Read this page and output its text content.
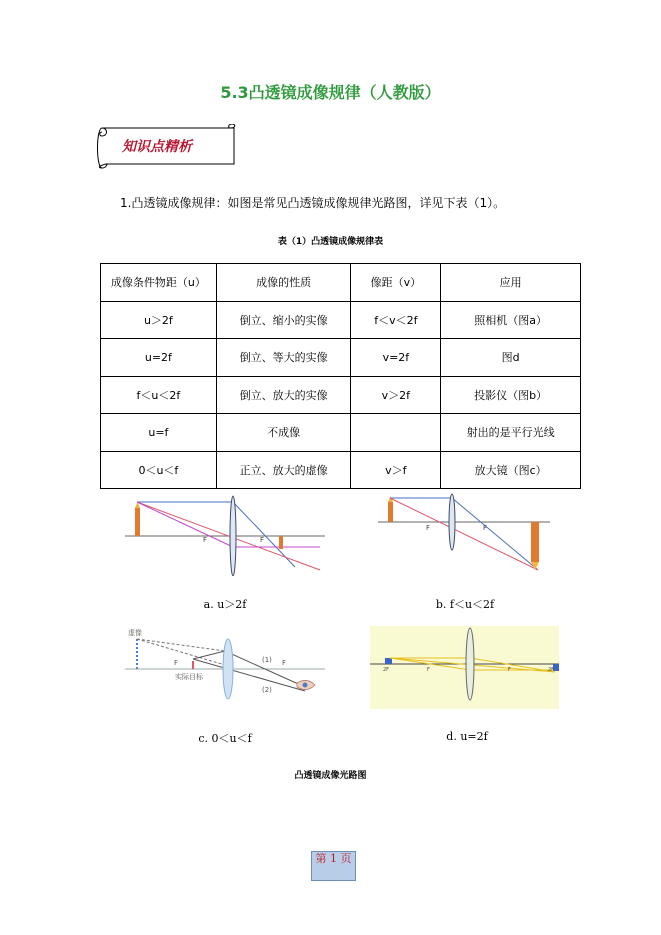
5.3凸透镜成像规律（人教版）
知识点精析
1.凸透镜成像规律：如图是常见凸透镜成像规律光路图，详见下表（1）。
表（1）凸透镜成像规律表
成像条件物距（u）	成像的性质	像距（v）	应用
u＞2f	倒立、缩小的实像	f＜v＜2f	照相机（图a）
u=2f	倒立、等大的实像	v=2f	图d
f＜u＜2f	倒立、放大的实像	v＞2f	投影仪（图b）
u=f	不成像		射出的是平行光线
0＜u＜f	正立、放大的虚像	v＞f	放大镜（图c）
F	F
a. u＞2f
F	F
b. f＜u＜2f
虚像
实际目标
(1)
(2)
F	F
c. 0＜u＜f
2F	F	F	2F
d. u=2f
凸透镜成像光路图
第 1 页
